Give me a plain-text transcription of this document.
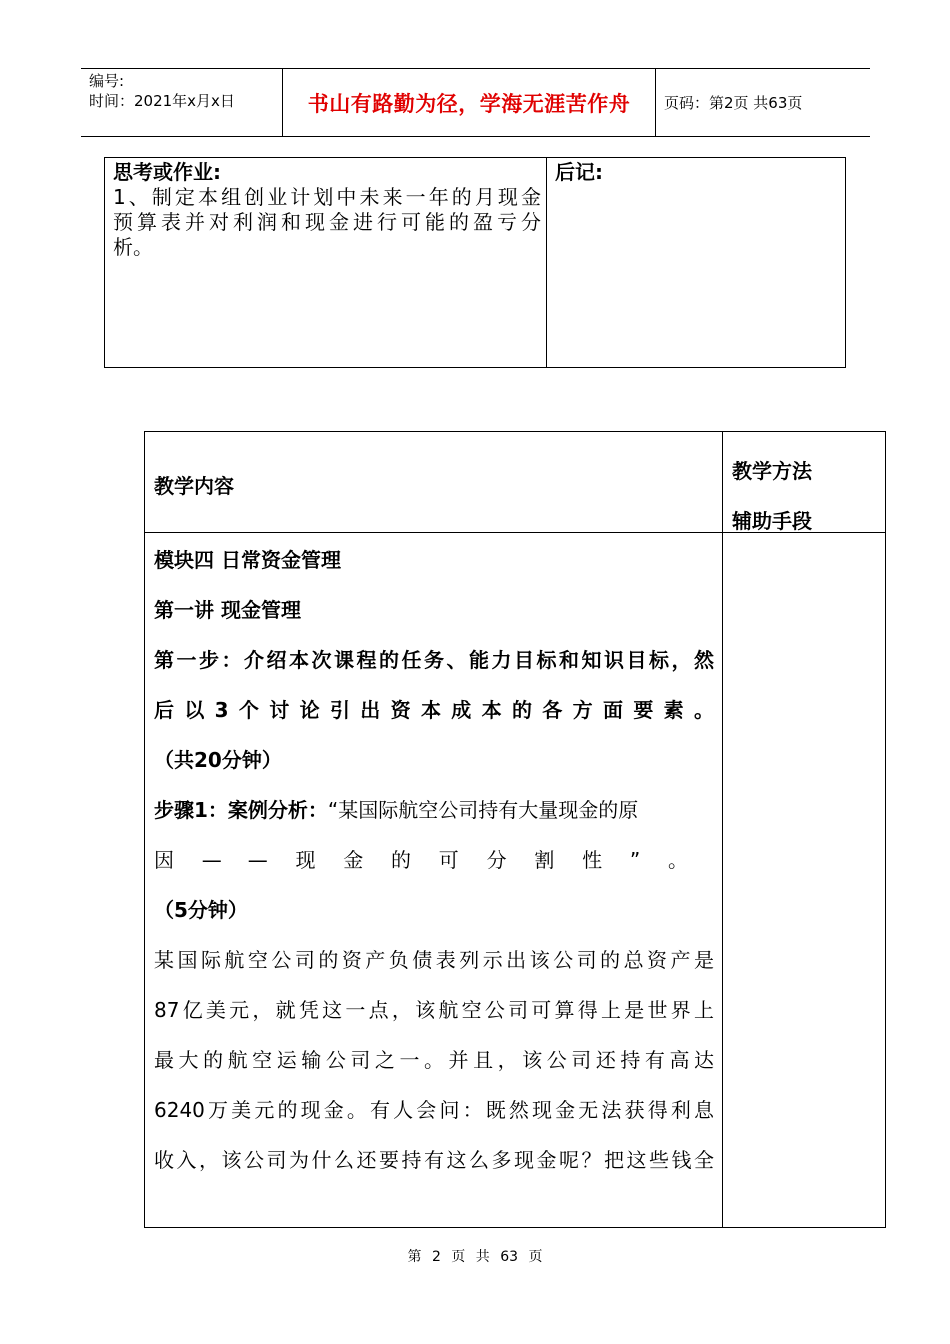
编号:
时间：2021年x月x日	书山有路勤为径，学海无涯苦作舟	页码：第2页 共63页
思考或作业:
1、制定本组创业计划中未来一年的月现金
预算表并对利润和现金进行可能的盈亏分
析。
后记:
教学内容
教学方法
辅助手段
模块四 日常资金管理
第一讲 现金管理
第一步：介绍本次课程的任务、能力目标和知识目标，然
后以3个讨论引出资本成本的各方面要素。
（共20分钟）
步骤1：案例分析：“某国际航空公司持有大量现金的原
因——现金的可分割性”。
（5分钟）
某国际航空公司的资产负债表列示出该公司的总资产是
87亿美元，就凭这一点，该航空公司可算得上是世界上
最大的航空运输公司之一。并且，该公司还持有高达
6240万美元的现金。有人会问：既然现金无法获得利息
收入，该公司为什么还要持有这么多现金呢？把这些钱全
第 2 页 共 63 页
